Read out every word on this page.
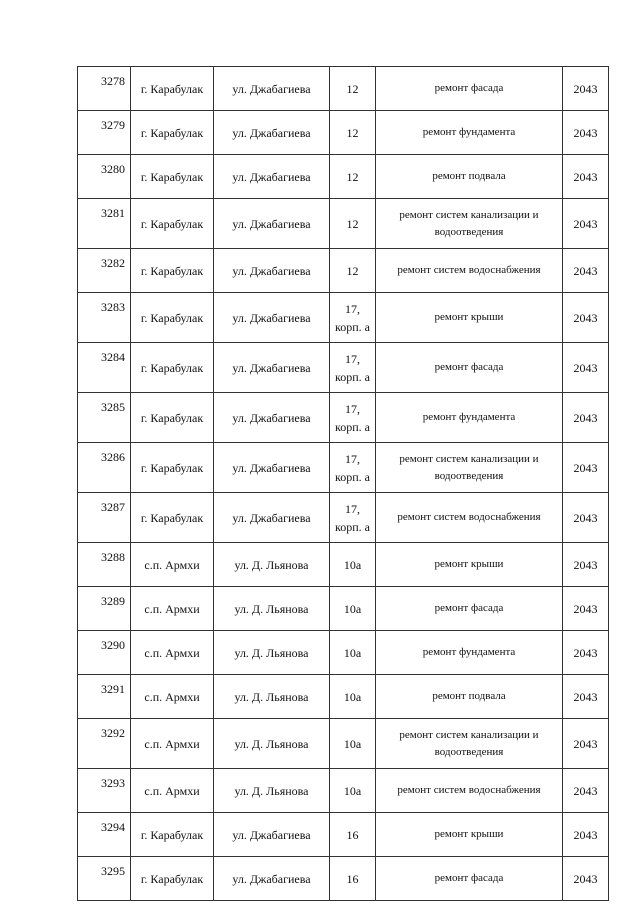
3278	г. Карабулак	ул. Джабагиева	12	ремонт фасада	2043
3279	г. Карабулак	ул. Джабагиева	12	ремонт фундамента	2043
3280	г. Карабулак	ул. Джабагиева	12	ремонт подвала	2043
3281	г. Карабулак	ул. Джабагиева	12	ремонт систем канализации и водоотведения	2043
3282	г. Карабулак	ул. Джабагиева	12	ремонт систем водоснабжения	2043
3283	г. Карабулак	ул. Джабагиева	17, корп. а	ремонт крыши	2043
3284	г. Карабулак	ул. Джабагиева	17, корп. а	ремонт фасада	2043
3285	г. Карабулак	ул. Джабагиева	17, корп. а	ремонт фундамента	2043
3286	г. Карабулак	ул. Джабагиева	17, корп. а	ремонт систем канализации и водоотведения	2043
3287	г. Карабулак	ул. Джабагиева	17, корп. а	ремонт систем водоснабжения	2043
3288	с.п. Армхи	ул. Д. Льянова	10а	ремонт крыши	2043
3289	с.п. Армхи	ул. Д. Льянова	10а	ремонт фасада	2043
3290	с.п. Армхи	ул. Д. Льянова	10а	ремонт фундамента	2043
3291	с.п. Армхи	ул. Д. Льянова	10а	ремонт подвала	2043
3292	с.п. Армхи	ул. Д. Льянова	10а	ремонт систем канализации и водоотведения	2043
3293	с.п. Армхи	ул. Д. Льянова	10а	ремонт систем водоснабжения	2043
3294	г. Карабулак	ул. Джабагиева	16	ремонт крыши	2043
3295	г. Карабулак	ул. Джабагиева	16	ремонт фасада	2043
